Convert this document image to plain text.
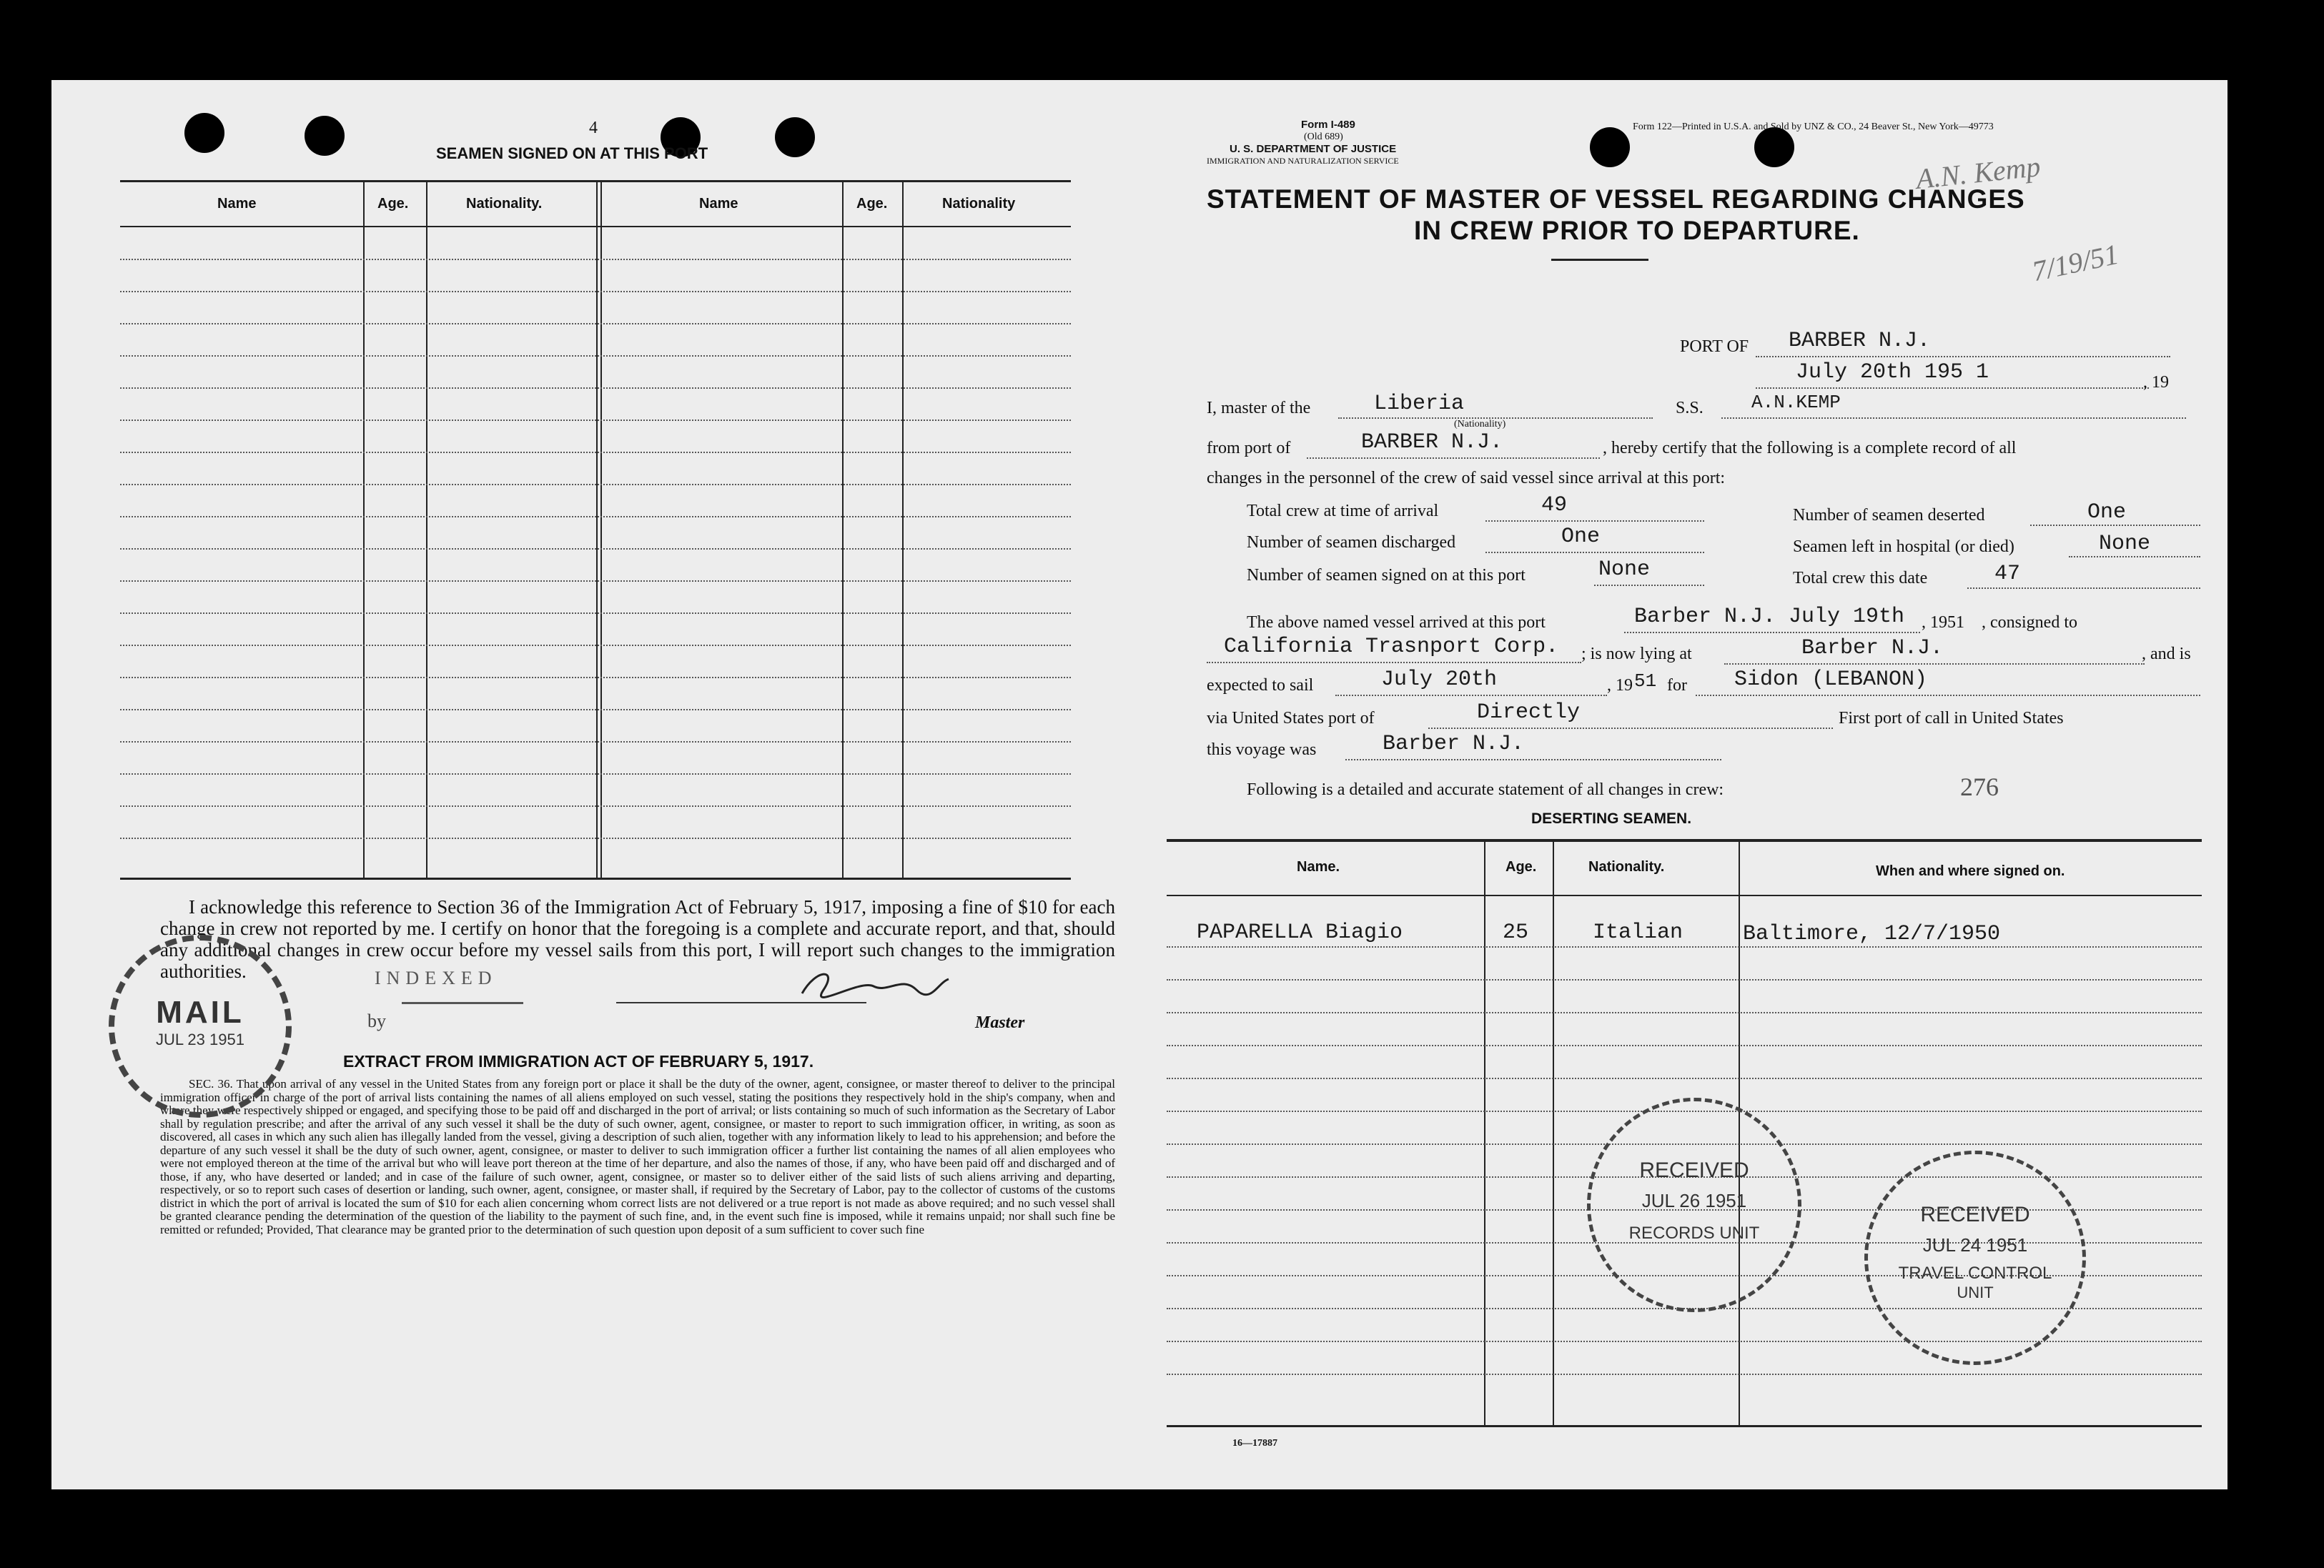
4
SEAMEN SIGNED ON AT THIS PORT
Name	Age.	Nationality.	Name	Age.	Nationality
I acknowledge this reference to Section 36 of the Immigration Act of February 5, 1917, imposing a fine of $10 for each change in crew not reported by me. I certify on honor that the foregoing is a complete and accurate report, and that, should any additional changes in crew occur before my vessel sails from this port, I will report such changes to the immigration authorities.	INDEXED
by	Master
EXTRACT FROM IMMIGRATION ACT OF FEBRUARY 5, 1917.
SEC. 36. That upon arrival of any vessel in the United States from any foreign port or place it shall be the duty of the owner, agent, consignee, or master thereof to deliver to the principal immigration officer in charge of the port of arrival lists containing the names of all aliens employed on such vessel, stating the positions they respectively hold in the ship's company, when and where they were respectively shipped or engaged, and specifying those to be paid off and discharged in the port of arrival; or lists containing so much of such information as the Secretary of Labor shall by regulation prescribe; and after the arrival of any such vessel it shall be the duty of such owner, agent, consignee, or master to report to such immigration officer, in writing, as soon as discovered, all cases in which any such alien has illegally landed from the vessel, giving a description of such alien, together with any information likely to lead to his apprehension; and before the departure of any such vessel it shall be the duty of such owner, agent, consignee, or master to deliver to such immigration officer a further list containing the names of all alien employees who were not employed thereon at the time of the arrival but who will leave port thereon at the time of her departure, and also the names of those, if any, who have been paid off and discharged and of those, if any, who have deserted or landed; and in case of the failure of such owner, agent, consignee, or master so to deliver either of the said lists of such aliens arriving and departing, respectively, or so to report such cases of desertion or landing, such owner, agent, consignee, or master shall, if required by the Secretary of Labor, pay to the collector of customs of the customs district in which the port of arrival is located the sum of $10 for each alien concerning whom correct lists are not delivered or a true report is not made as above required; and no such vessel shall be granted clearance pending the determination of the question of the liability to the payment of such fine, and, in the event such fine is imposed, while it remains unpaid; nor shall such fine be remitted or refunded; Provided, That clearance may be granted prior to the determination of such question upon deposit of a sum sufficient to cover such fine
MAIL
JUL 23 1951
Form I-489
(Old 689)
U. S. DEPARTMENT OF JUSTICE
IMMIGRATION AND NATURALIZATION SERVICE
Form 122—Printed in U.S.A. and Sold by UNZ & CO., 24 Beaver St., New York—49773
STATEMENT OF MASTER OF VESSEL REGARDING CHANGES
IN CREW PRIOR TO DEPARTURE.
A.N. Kemp
7/19/51
PORT OF BARBER N.J.
July 20th 195 1	, 19
I, master of the	Liberia
(Nationality)
S.S.	A.N.KEMP
from port of	BARBER N.J.	, hereby certify that the following is a complete record of all
changes in the personnel of the crew of said vessel since arrival at this port:
Total crew at time of arrival	49	Number of seamen deserted	One
Number of seamen discharged	One	Seamen left in hospital (or died)	None
Number of seamen signed on at this port	None	Total crew this date	47
The above named vessel arrived at this port	Barber N.J. July 19th , 1951 , consigned to
California Trasnport Corp. ; is now lying at	Barber N.J.	, and is
expected to sail	July 20th	, 19 51 for Sidon (LEBANON)
via United States port of	Directly	First port of call in United States
this voyage was	Barber N.J.
Following is a detailed and accurate statement of all changes in crew:	276
DESERTING SEAMEN.
Name.	Age.	Nationality.	When and where signed on.
PAPARELLA Biagio	25	Italian	Baltimore, 12/7/1950
16—17887
RECEIVED
JUL 26 1951
RECORDS UNIT
RECEIVED
JUL 24 1951
TRAVEL CONTROL
UNIT
